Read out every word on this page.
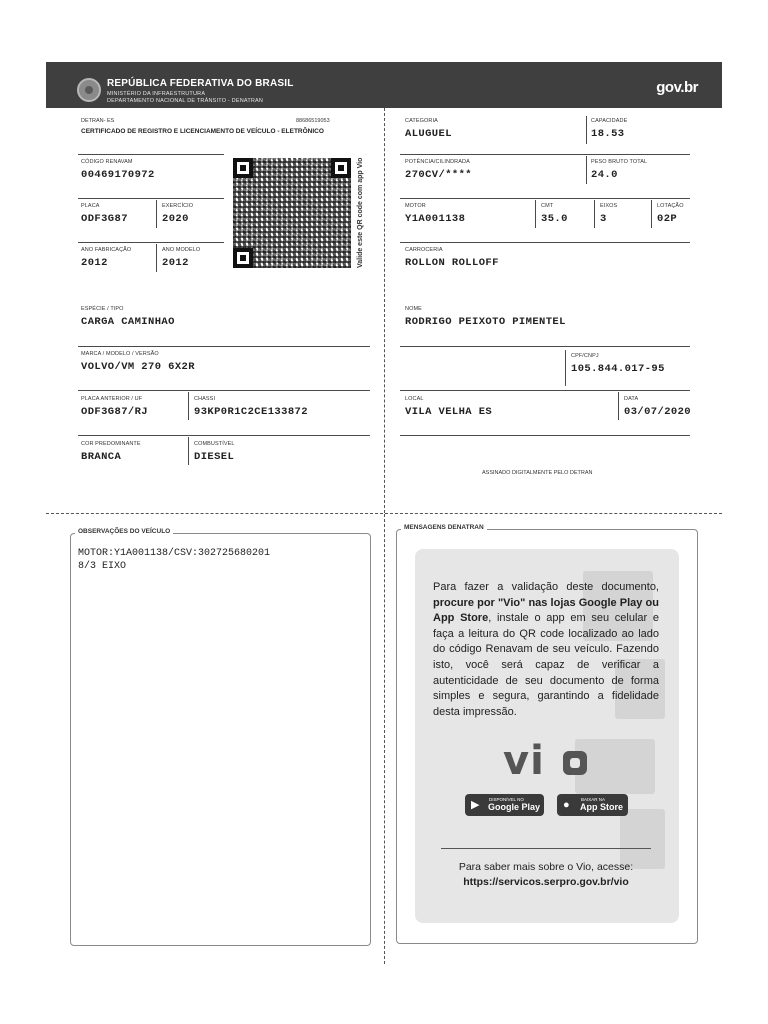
REPÚBLICA FEDERATIVA DO BRASIL
MINISTÉRIO DA INFRAESTRUTURA
DEPARTAMENTO NACIONAL DE TRÂNSITO - DENATRAN
gov.br
DETRAN- ES	88686519053
CERTIFICADO DE REGISTRO E LICENCIAMENTO DE VEÍCULO - ELETRÔNICO
CÓDIGO RENAVAM
00469170972
PLACA
ODF3G87
EXERCÍCIO
2020
ANO FABRICAÇÃO
2012
ANO MODELO
2012	Valide este QR code com app Vio
ESPÉCIE / TIPO
CARGA CAMINHAO
MARCA / MODELO / VERSÃO
VOLVO/VM 270 6X2R
PLACA ANTERIOR / UF
ODF3G87/RJ
CHASSI
93KP0R1C2CE133872
COR PREDOMINANTE
BRANCA
COMBUSTÍVEL
DIESEL
CATEGORIA
ALUGUEL
CAPACIDADE
18.53
POTÊNCIA/CILINDRADA
270CV/****
PESO BRUTO TOTAL
24.0
MOTOR
Y1A001138
CMT
35.0
EIXOS
3
LOTAÇÃO
02P
CARROCERIA
ROLLON ROLLOFF
NOME
RODRIGO PEIXOTO PIMENTEL
CPF/CNPJ
105.844.017-95
LOCAL
VILA VELHA ES
DATA
03/07/2020
ASSINADO DIGITALMENTE PELO DETRAN
OBSERVAÇÕES DO VEÍCULO
MOTOR:Y1A001138/CSV:302725680201
8/3 EIXO
MENSAGENS DENATRAN
Para fazer a validação deste documento, procure por "Vio" nas lojas Google Play ou App Store, instale o app em seu celular e faça a leitura do QR code localizado ao lado do código Renavam de seu veículo. Fazendo isto, você será capaz de verificar a autenticidade de seu documento de forma simples e segura, garantindo a fidelidade desta impressão.
vi
▶ DISPONÍVEL NO
Google Play ●	BAIXAR NA
App Store
Para saber mais sobre o Vio, acesse:
https://servicos.serpro.gov.br/vio
